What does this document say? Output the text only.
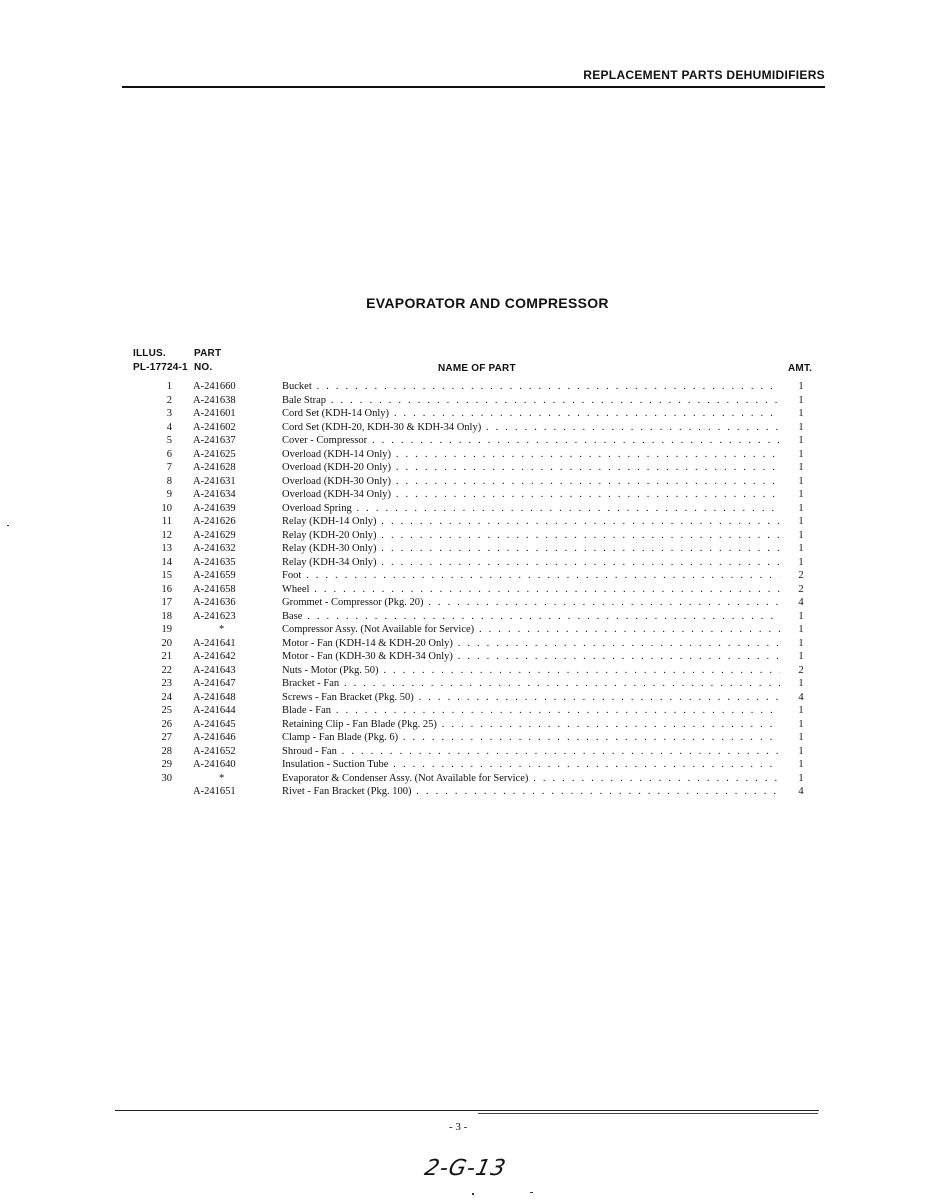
REPLACEMENT PARTS DEHUMIDIFIERS
EVAPORATOR AND COMPRESSOR
ILLUS.	PART
PL-17724-1 NO.	NAME OF PART	AMT.
1 A-241660	Bucket . . .	1
2 A-241638	Bale Strap . . .	1
3 A-241601	Cord Set (KDH-14 Only) . . .	1
4 A-241602	Cord Set (KDH-20, KDH-30 & KDH-34 Only) . . .	1
5 A-241637	Cover - Compressor . . .	1
6 A-241625	Overload (KDH-14 Only) . . .	1
7 A-241628	Overload (KDH-20 Only) . . .	1
8 A-241631	Overload (KDH-30 Only) . . .	1
9 A-241634	Overload (KDH-34 Only) . . .	1
10 A-241639	Overload Spring . . .	1
11 A-241626	Relay (KDH-14 Only) . . .	1
12 A-241629	Relay (KDH-20 Only) . . .	1
13 A-241632	Relay (KDH-30 Only) . . .	1
14 A-241635	Relay (KDH-34 Only) . . .	1
15 A-241659	Foot . . .	2
16 A-241658	Wheel . . .	2
17 A-241636	Grommet - Compressor (Pkg. 20) . . .	4
18 A-241623	Base . . .	1
19	*	Compressor Assy. (Not Available for Service) . . .	1
20 A-241641	Motor - Fan (KDH-14 & KDH-20 Only) . . .	1
21 A-241642	Motor - Fan (KDH-30 & KDH-34 Only) . . .	1
22 A-241643	Nuts - Motor (Pkg. 50) . . .	2
23 A-241647	Bracket - Fan . . .	1
24 A-241648	Screws - Fan Bracket (Pkg. 50) . . .	4
25 A-241644	Blade - Fan . . .	1
26 A-241645	Retaining Clip - Fan Blade (Pkg. 25) . . .	1
27 A-241646	Clamp - Fan Blade (Pkg. 6) . . .	1
28 A-241652	Shroud - Fan . . .	1
29 A-241640	Insulation - Suction Tube . . .	1
30	*	Evaporator & Condenser Assy. (Not Available for Service) . . .	1
A-241651	Rivet - Fan Bracket (Pkg. 100) . . .	4
- 3 -
2-G-13
